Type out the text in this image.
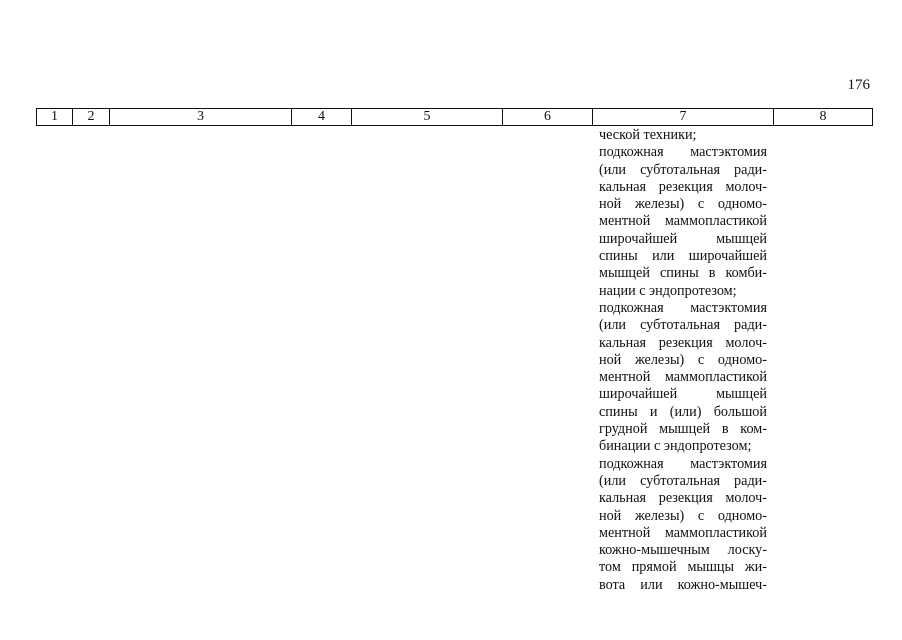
176
1	2	3	4	5	6	7	8
ческой техники;
подкожная мастэктомия
(или субтотальная ради-
кальная резекция молоч-
ной железы) с одномо-
ментной маммопластикой
широчайшей мышцей
спины или широчайшей
мышцей спины в комби-
нации с эндопротезом;
подкожная мастэктомия
(или субтотальная ради-
кальная резекция молоч-
ной железы) с одномо-
ментной маммопластикой
широчайшей мышцей
спины и (или) большой
грудной мышцей в ком-
бинации с эндопротезом;
подкожная мастэктомия
(или субтотальная ради-
кальная резекция молоч-
ной железы) с одномо-
ментной маммопластикой
кожно-мышечным лоску-
том прямой мышцы жи-
вота или кожно-мышеч-
